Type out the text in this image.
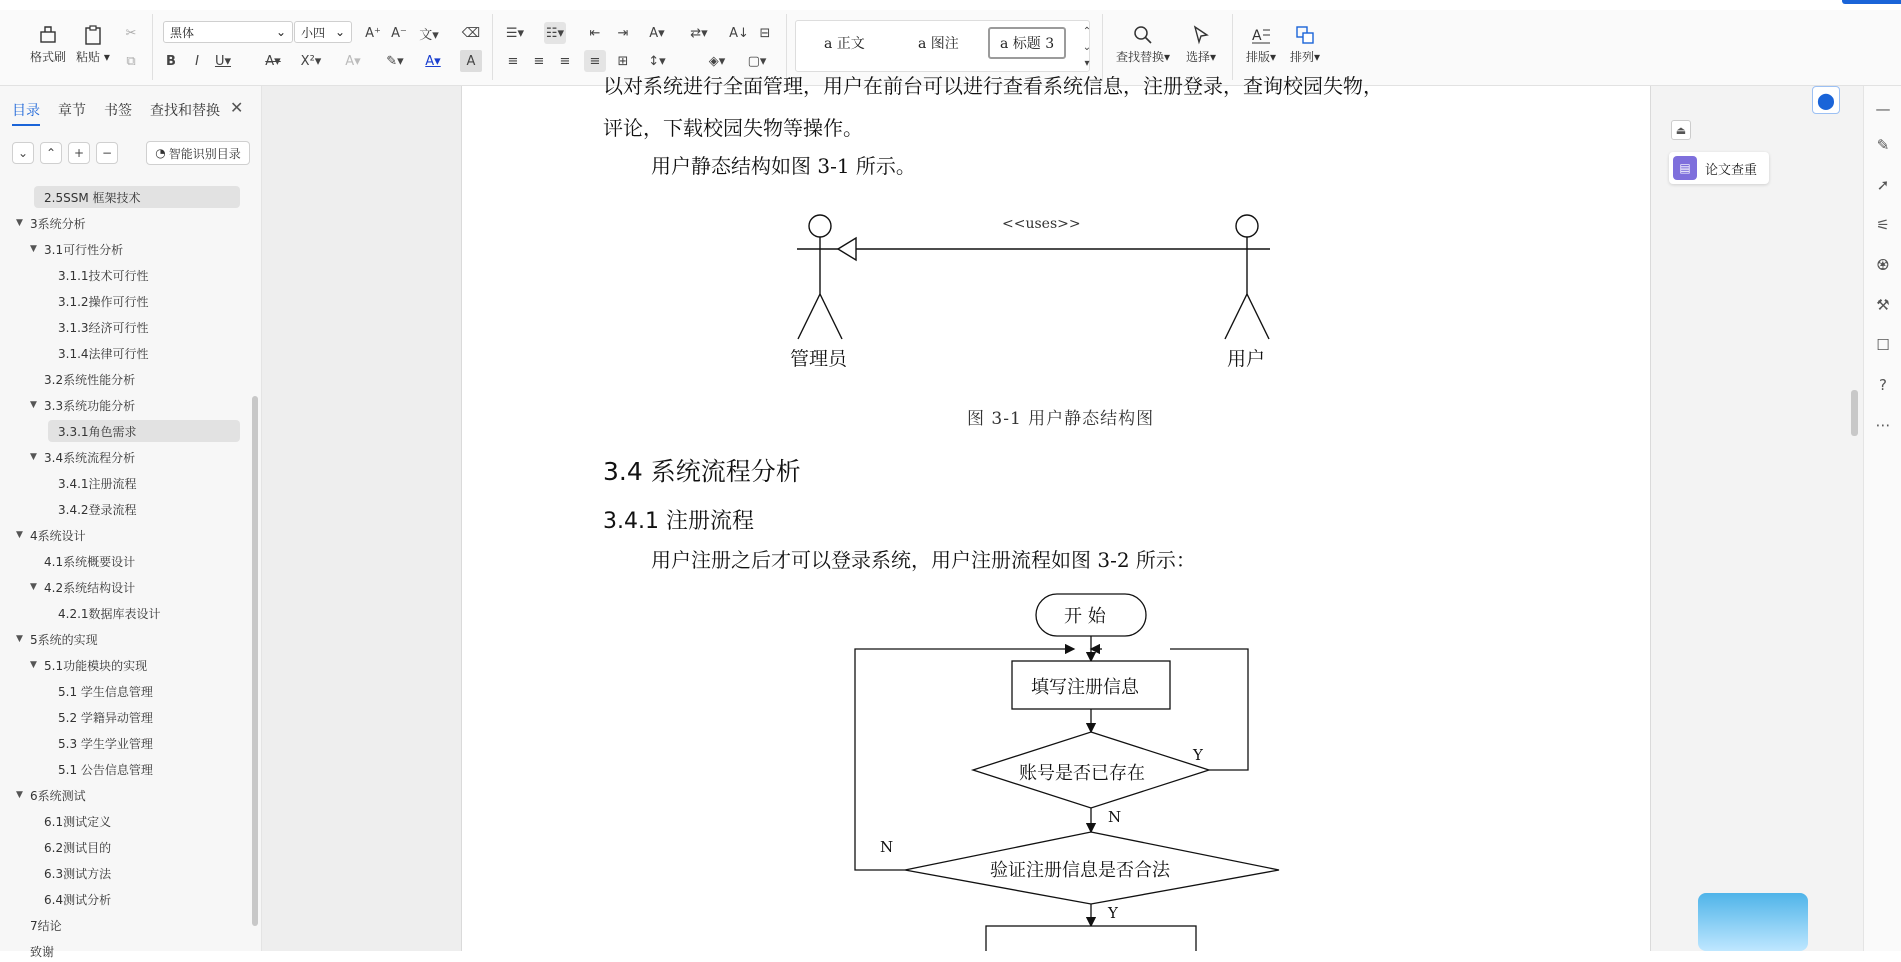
格式刷 粘贴 ▾
✂
⧉
黑体	⌄ 小四 ⌄ A⁺ A⁻ 文▾ ⌫
B	I	U▾	A▾ X²▾ A▾ ✎▾ A▾	A
☰▾ ☷▾	⇤	⇥	A▾ ⇄▾ A↓ ⊟
≡	≡	≡	≡	⊞	↕▾	◈▾ ▢▾
a 正文	a 图注	a 标题 3
⌃
⌄
▾	查找替换▾ 选择▾
A
排版▾ 排列▾
目录 章节 书签 查找和替换 ✕
⌄	⌃	+	−	◔ 智能识别目录
2.5SSM 框架技术
▼ 3系统分析
▼ 3.1可行性分析
3.1.1技术可行性
3.1.2操作可行性
3.1.3经济可行性
3.1.4法律可行性
3.2系统性能分析
▼ 3.3系统功能分析
3.3.1角色需求
▼ 3.4系统流程分析
3.4.1注册流程
3.4.2登录流程
▼ 4系统设计
4.1系统概要设计
▼ 4.2系统结构设计
4.2.1数据库表设计
▼ 5系统的实现
▼ 5.1功能模块的实现
5.1 学生信息管理
5.2 学籍异动管理
5.3 学生学业管理
5.1 公告信息管理
▼ 6系统测试
6.1测试定义
6.2测试目的
6.3测试方法
6.4测试分析
7结论
致谢
以对系统进行全面管理，用户在前台可以进行查看系统信息，注册登录，查询校园失物，
评论，下载校园失物等操作。
用户静态结构如图 3-1 所示。
<<uses>>
管理员	用户
图 3-1 用户静态结构图
3.4 系统流程分析
3.4.1 注册流程
用户注册之后才可以登录系统，用户注册流程如图 3-2 所示：
开 始
填写注册信息
账号是否已存在
验证注册信息是否合法
Y
N
N
Y
⏏
▤	论文查重
⬤	—
✎
➚
⚟
♼
⚒
☐
?
⋯
